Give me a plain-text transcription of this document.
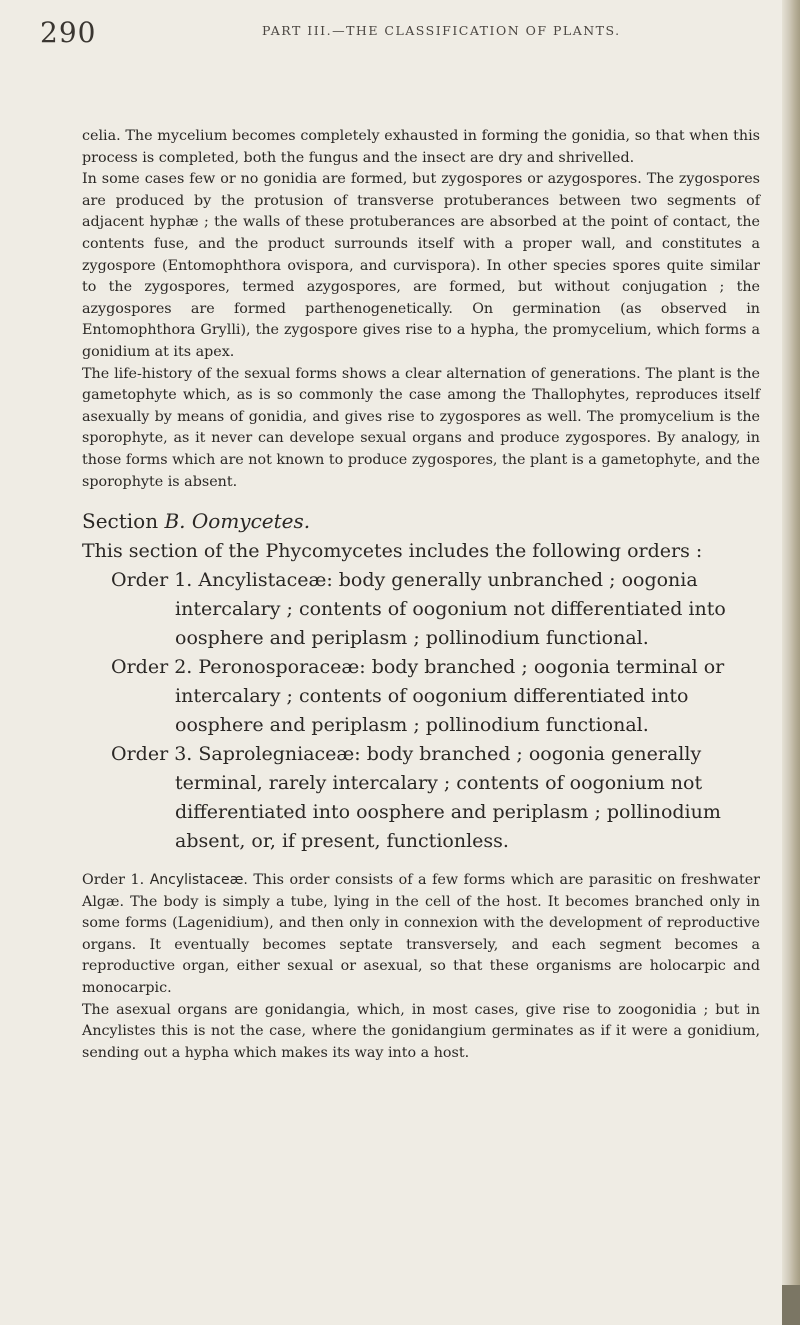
290	PART III.—THE CLASSIFICATION OF PLANTS.

celia. The mycelium becomes completely exhausted in forming the gonidia, so that when this process is completed, both the fungus and the insect are dry and shrivelled.

In some cases few or no gonidia are formed, but zygospores or azygospores. The zygospores are produced by the protusion of transverse protuberances between two segments of adjacent hyphæ ; the walls of these protuberances are absorbed at the point of contact, the contents fuse, and the product surrounds itself with a proper wall, and constitutes a zygospore (Entomophthora ovispora, and curvispora). In other species spores quite similar to the zygospores, termed azygospores, are formed, but without conjugation ; the azygospores are formed parthenogenetically. On germination (as observed in Entomophthora Grylli), the zygospore gives rise to a hypha, the promycelium, which forms a gonidium at its apex.

The life-history of the sexual forms shows a clear alternation of generations. The plant is the gametophyte which, as is so commonly the case among the Thallophytes, reproduces itself asexually by means of gonidia, and gives rise to zygospores as well. The promycelium is the sporophyte, as it never can develope sexual organs and produce zygospores. By analogy, in those forms which are not known to produce zygospores, the plant is a gametophyte, and the sporophyte is absent.

Section B. Oomycetes.

This section of the Phycomycetes includes the following orders :

Order 1. Ancylistaceæ: body generally unbranched ; oogonia intercalary ; contents of oogonium not differentiated into oosphere and periplasm ; pollinodium functional.

Order 2. Peronosporaceæ: body branched ; oogonia terminal or intercalary ; contents of oogonium differentiated into oosphere and periplasm ; pollinodium functional.

Order 3. Saprolegniaceæ: body branched ; oogonia generally terminal, rarely intercalary ; contents of oogonium not differentiated into oosphere and periplasm ; pollinodium absent, or, if present, functionless.

Order 1. Ancylistaceæ. This order consists of a few forms which are parasitic on freshwater Algæ. The body is simply a tube, lying in the cell of the host. It becomes branched only in some forms (Lagenidium), and then only in connexion with the development of reproductive organs. It eventually becomes septate transversely, and each segment becomes a reproductive organ, either sexual or asexual, so that these organisms are holocarpic and monocarpic.

The asexual organs are gonidangia, which, in most cases, give rise to zoogonidia ; but in Ancylistes this is not the case, where the gonidangium germinates as if it were a gonidium, sending out a hypha which makes its way into a host.
